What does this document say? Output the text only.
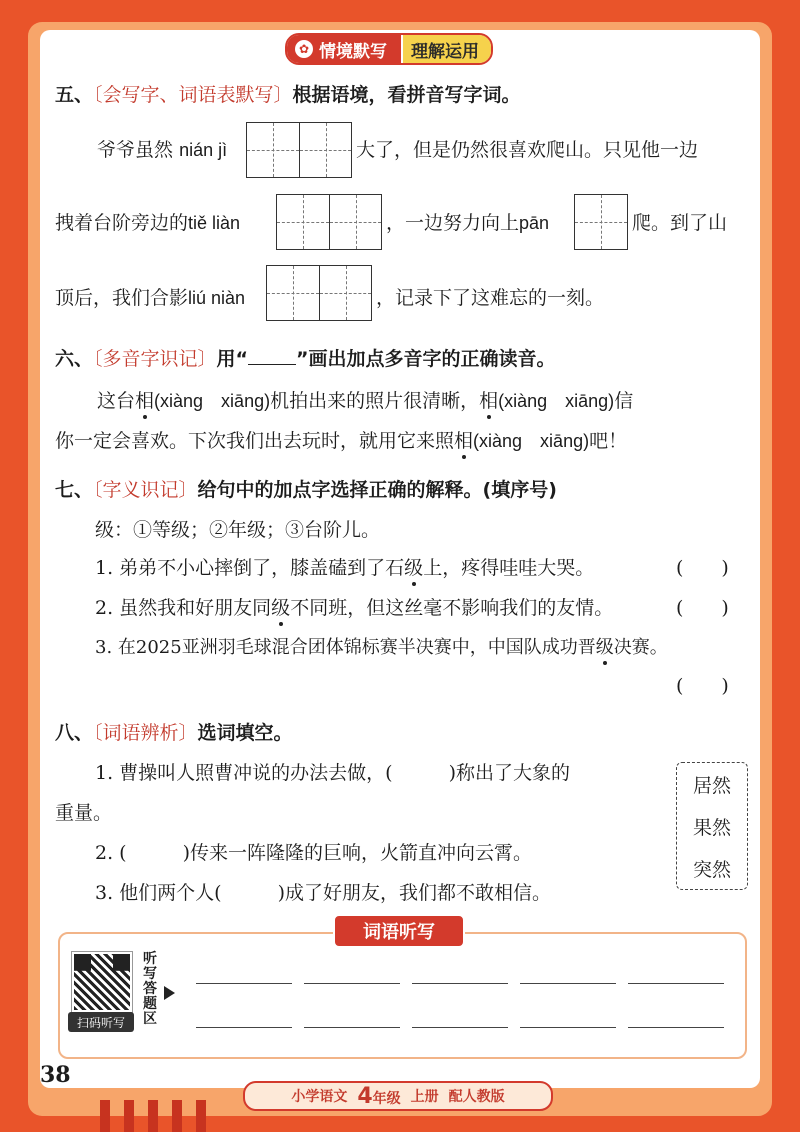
✿ 情境默写	理解运用
五、〔会写字、词语表默写〕根据语境，看拼音写字词。
爷爷虽然 nián jì	大了，但是仍然很喜欢爬山。只见他一边
拽着台阶旁边的tiě liàn	，一边努力向上pān	爬。到了山
顶后，我们合影liú niàn	，记录下了这难忘的一刻。
六、〔多音字识记〕用“	”画出加点多音字的正确读音。
这台相(xiàng　xiāng)机拍出来的照片很清晰，相(xiàng　xiāng)信
你一定会喜欢。下次我们出去玩时，就用它来照相(xiàng　xiāng)吧！
七、〔字义识记〕给句中的加点字选择正确的解释。(填序号)
级：①等级；②年级；③台阶儿。
1. 弟弟不小心摔倒了，膝盖磕到了石级上，疼得哇哇大哭。	(　　)
2. 虽然我和好朋友同级不同班，但这丝毫不影响我们的友情。	(　　)
3. 在2025亚洲羽毛球混合团体锦标赛半决赛中，中国队成功晋级决赛。
(　　)
八、〔词语辨析〕选词填空。
1. 曹操叫人照曹冲说的办法去做，(	)称出了大象的
重量。
2. (	)传来一阵隆隆的巨响，火箭直冲向云霄。
3. 他们两个人(	)成了好朋友，我们都不敢相信。
居然
果然
突然
词语听写
扫码听写
听写答题区
38
小学语文 4年级 上册 配人教版
